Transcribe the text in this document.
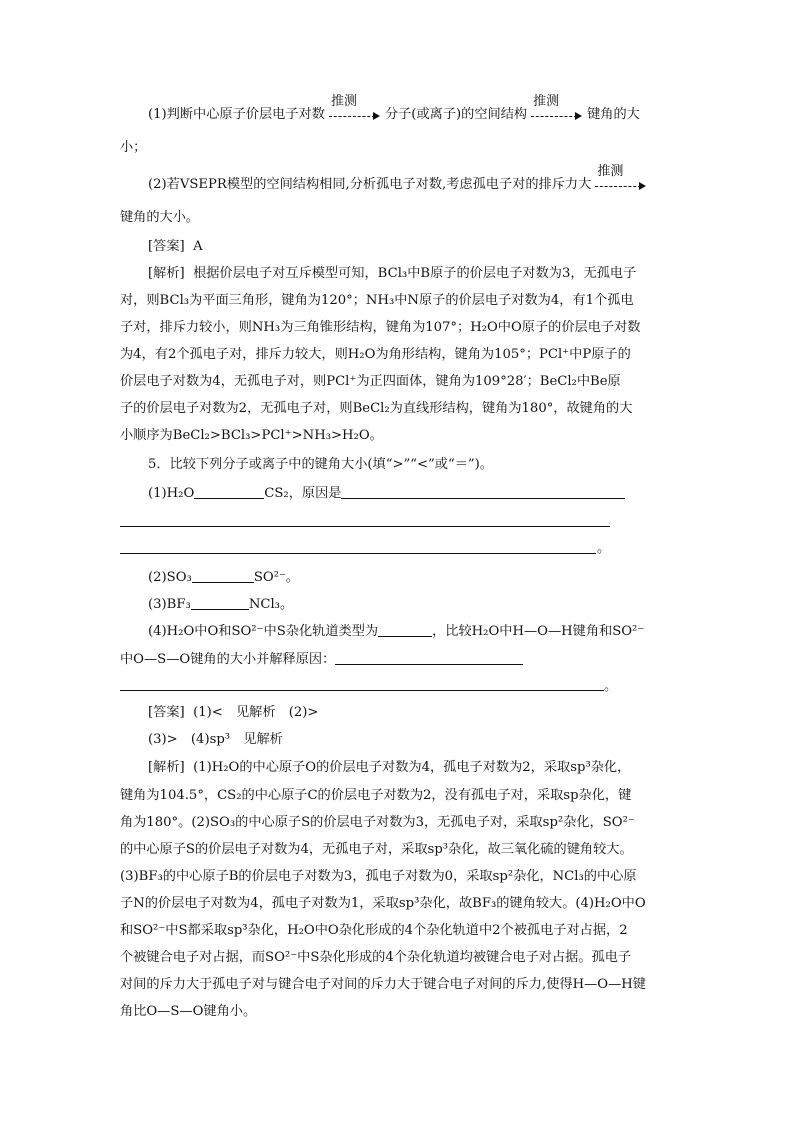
(1)判断中心原子价层电子对数
推测
分子(或离子)的空间结构
推测
键角的大
小；
(2)若VSEPR模型的空间结构相同,分析孤电子对数,考虑孤电子对的排斥力大
推测
键角的大小。
[答案] A
[解析] 根据价层电子对互斥模型可知，BCl₃中B原子的价层电子对数为3，无孤电子
对，则BCl₃为平面三角形，键角为120°；NH₃中N原子的价层电子对数为4，有1个孤电
子对，排斥力较小，则NH₃为三角锥形结构，键角为107°；H₂O中O原子的价层电子对数
为4，有2个孤电子对，排斥力较大，则H₂O为角形结构，键角为105°；PCl⁺中P原子的
价层电子对数为4，无孤电子对，则PCl⁺为正四面体，键角为109°28′；BeCl₂中Be原
子的价层电子对数为2，无孤电子对，则BeCl₂为直线形结构，键角为180°，故键角的大
小顺序为BeCl₂>BCl₃>PCl⁺>NH₃>H₂O。
5．比较下列分子或离子中的键角大小(填“>”“<”或“＝”)。
(1)H₂O	CS₂，原因是
。
(2)SO₃	SO²⁻。
(3)BF₃	NCl₃。
(4)H₂O中O和SO²⁻中S杂化轨道类型为	，比较H₂O中H—O—H键角和SO²⁻
中O—S—O键角的大小并解释原因：
。
[答案] (1)<　见解析　(2)>
(3)>　(4)sp³　见解析
[解析] (1)H₂O的中心原子O的价层电子对数为4，孤电子对数为2，采取sp³杂化，
键角为104.5°，CS₂的中心原子C的价层电子对数为2，没有孤电子对，采取sp杂化，键
角为180°。(2)SO₃的中心原子S的价层电子对数为3，无孤电子对，采取sp²杂化，SO²⁻
的中心原子S的价层电子对数为4，无孤电子对，采取sp³杂化，故三氧化硫的键角较大。
(3)BF₃的中心原子B的价层电子对数为3，孤电子对数为0，采取sp²杂化，NCl₃的中心原
子N的价层电子对数为4，孤电子对数为1，采取sp³杂化，故BF₃的键角较大。(4)H₂O中O
和SO²⁻中S都采取sp³杂化，H₂O中O杂化形成的4个杂化轨道中2个被孤电子对占据，2
个被键合电子对占据，而SO²⁻中S杂化形成的4个杂化轨道均被键合电子对占据。孤电子
对间的斥力大于孤电子对与键合电子对间的斥力大于键合电子对间的斥力,使得H—O—H键
角比O—S—O键角小。
